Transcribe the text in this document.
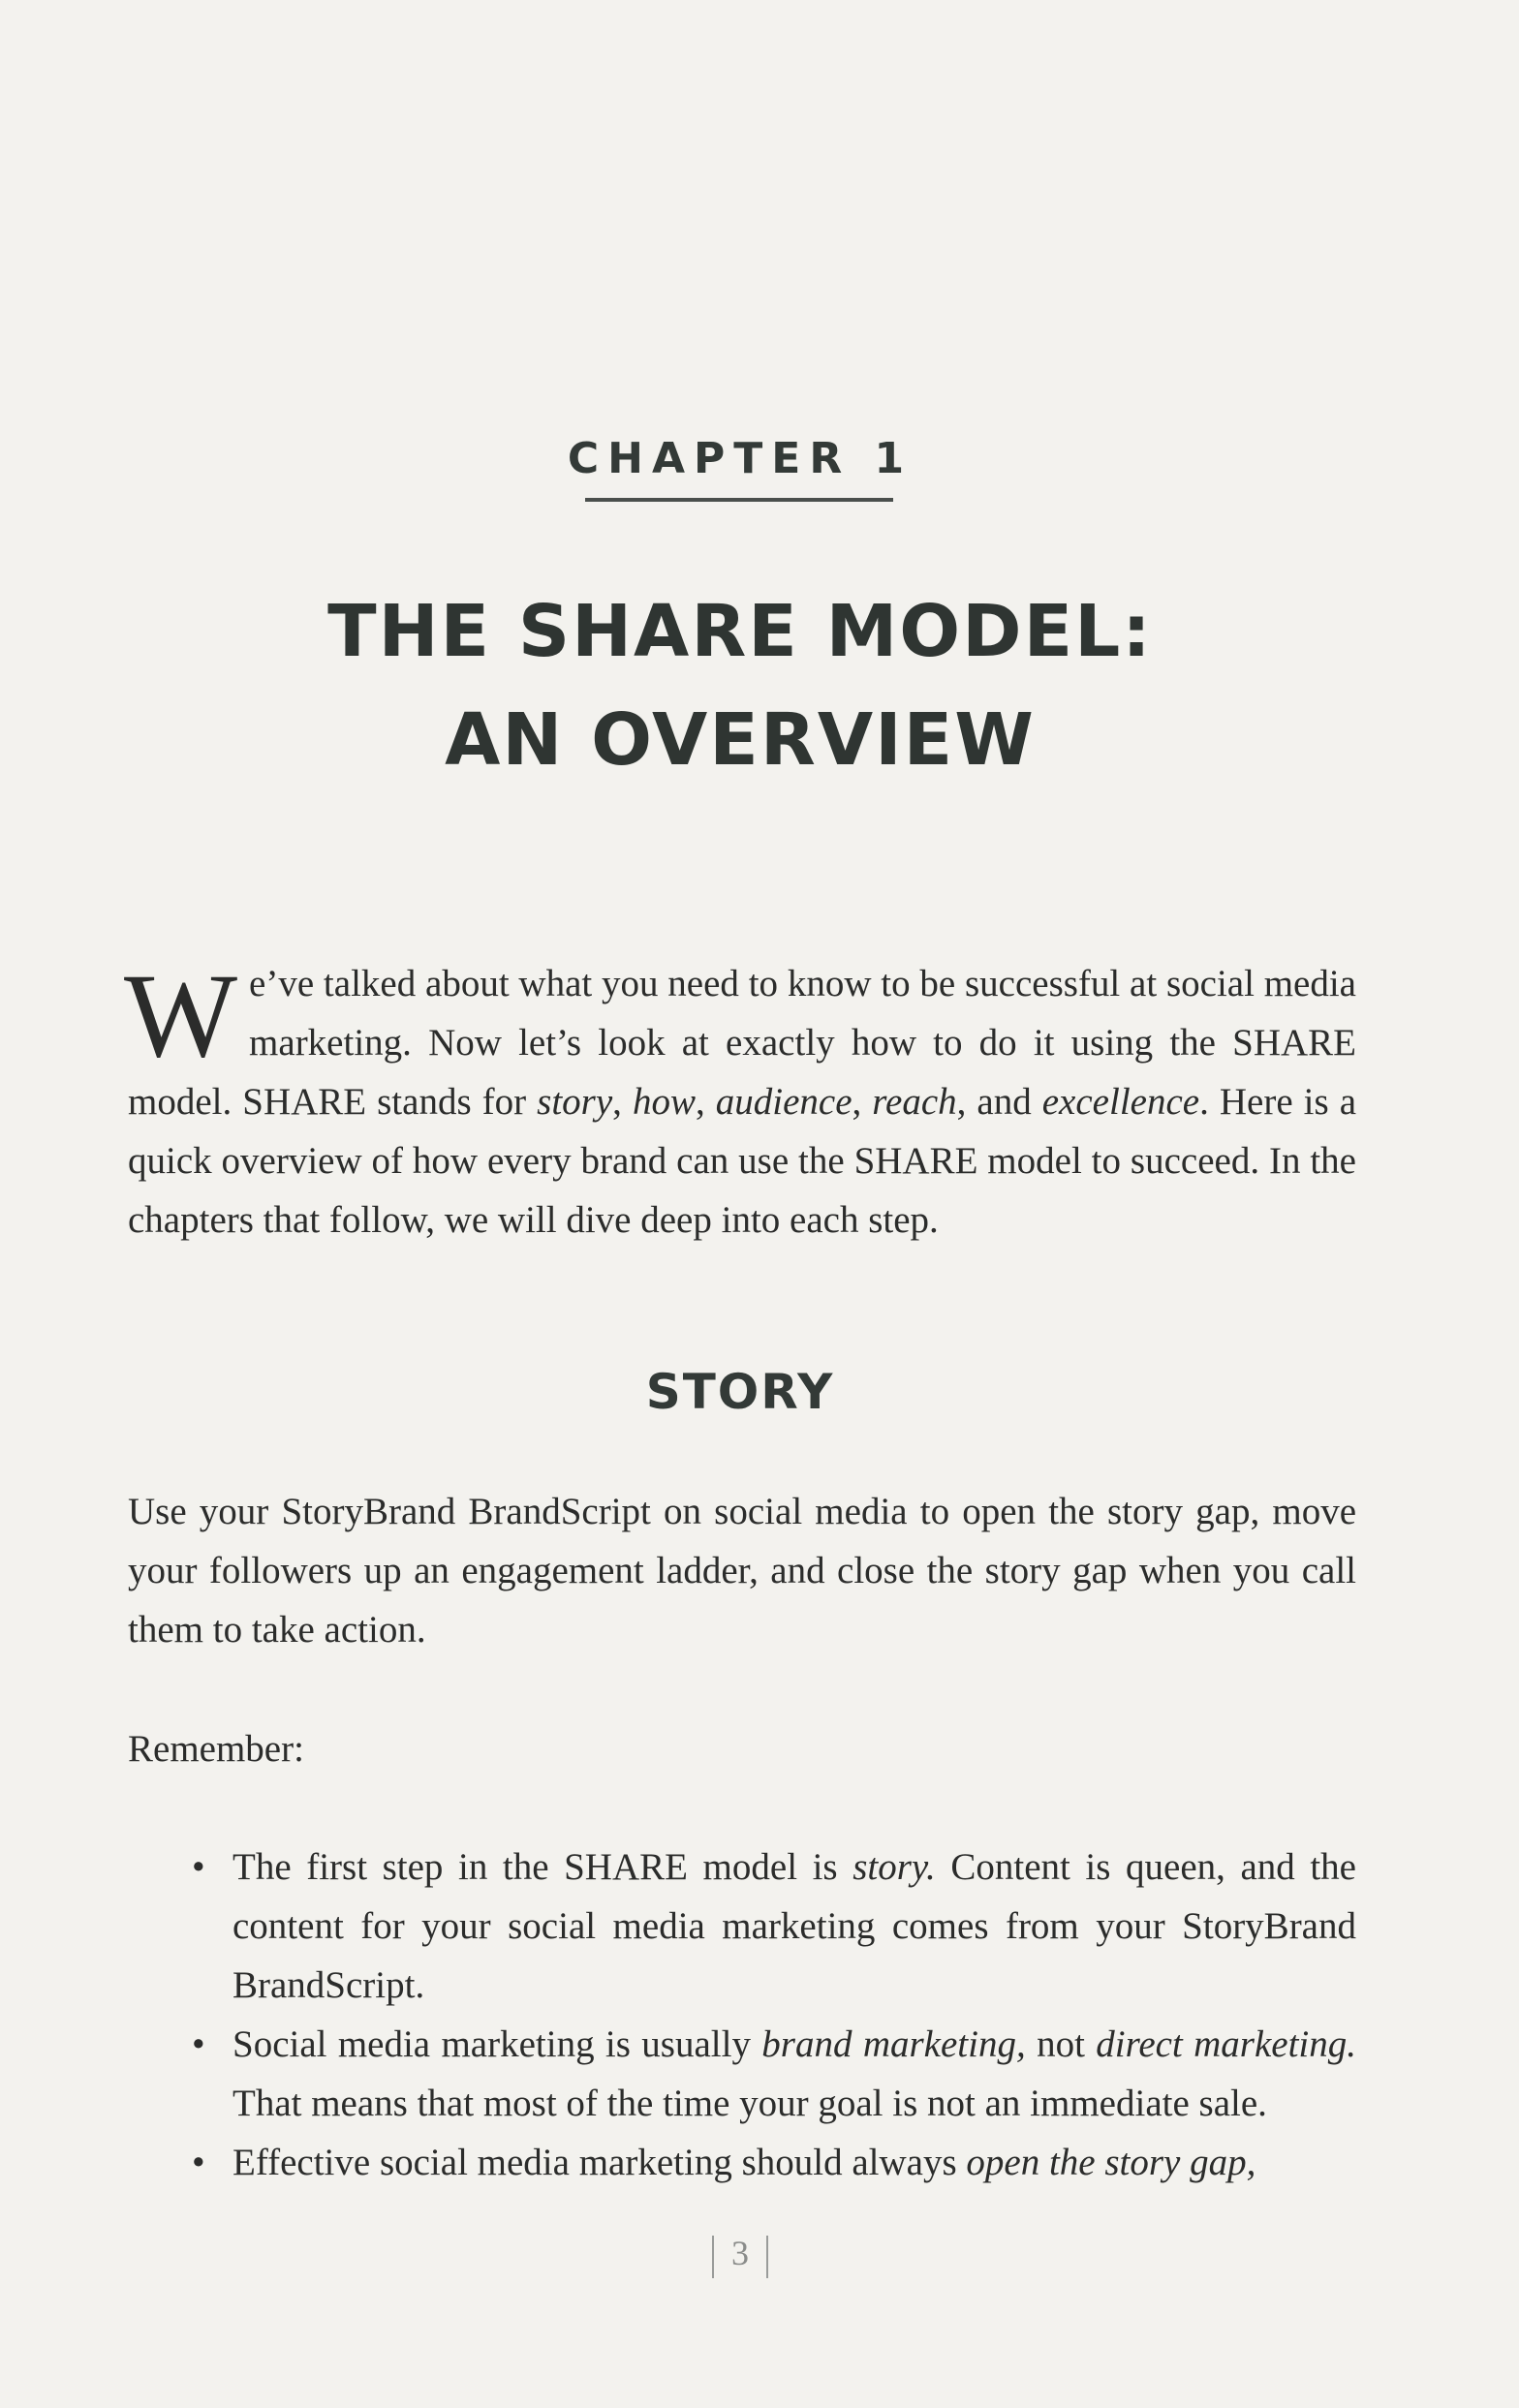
CHAPTER 1
THE SHARE MODEL:
AN OVERVIEW
We’ve talked about what you need to know to be successful at social media marketing. Now let’s look at exactly how to do it using the SHARE model. SHARE stands for story, how, audience, reach, and excellence. Here is a quick overview of how every brand can use the SHARE model to succeed. In the chapters that follow, we will dive deep into each step.
STORY
Use your StoryBrand BrandScript on social media to open the story gap, move your followers up an engagement ladder, and close the story gap when you call them to take action.
Remember:
• The first step in the SHARE model is story. Content is queen, and the content for your social media marketing comes from your StoryBrand BrandScript.
• Social media marketing is usually brand marketing, not direct marketing. That means that most of the time your goal is not an immediate sale.
• Effective social media marketing should always open the story gap,
3
